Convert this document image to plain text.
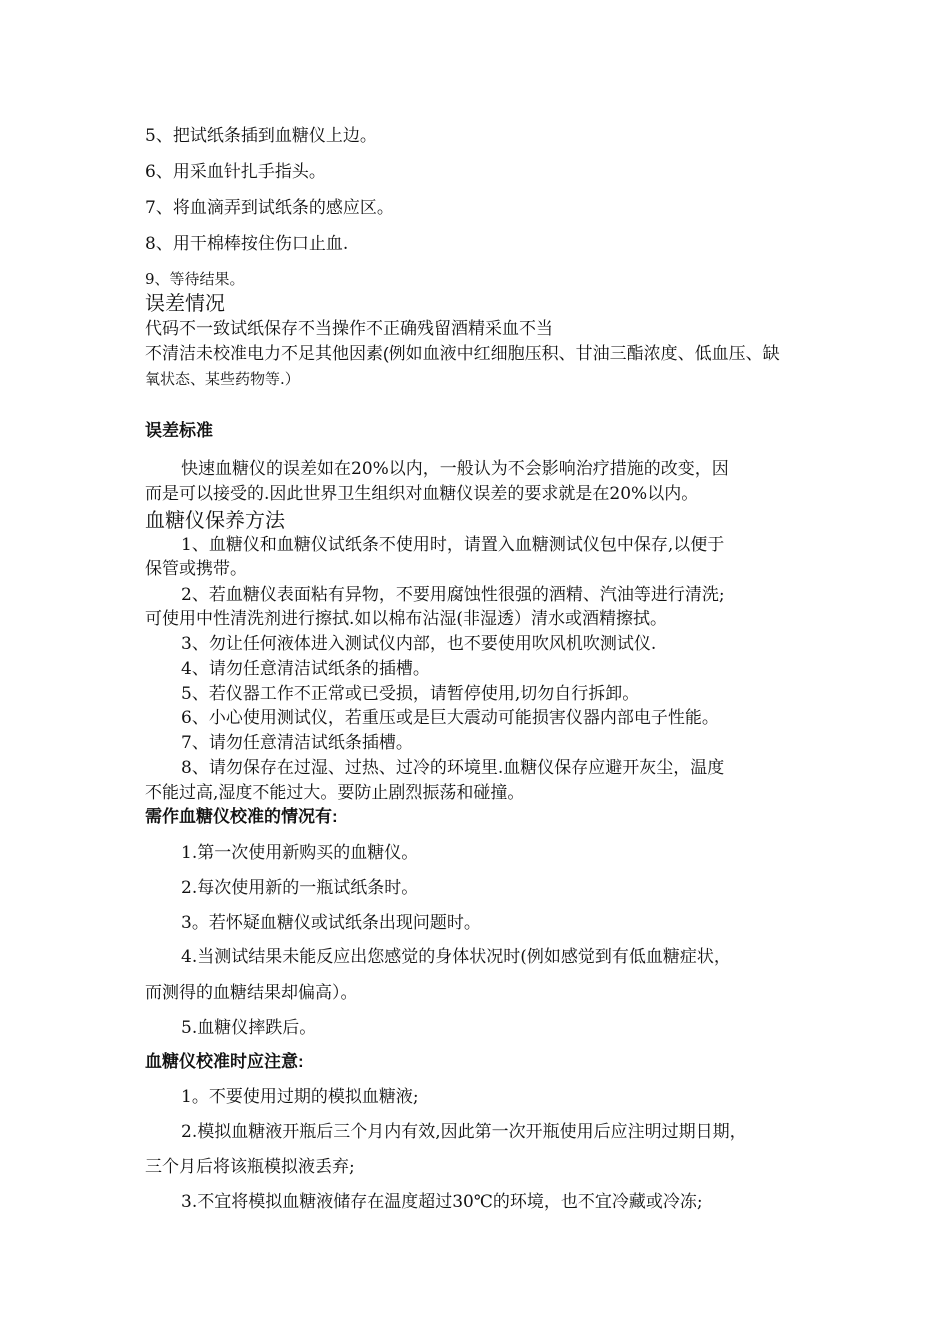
5、把试纸条插到血糖仪上边。
6、用采血针扎手指头。
7、将血滴弄到试纸条的感应区。
8、用干棉棒按住伤口止血.
9、等待结果。
误差情况
代码不一致试纸保存不当操作不正确残留酒精采血不当
不清洁未校准电力不足其他因素(例如血液中红细胞压积、甘油三酯浓度、低血压、缺
氧状态、某些药物等.）
误差标准
快速血糖仪的误差如在20%以内，一般认为不会影响治疗措施的改变，因
而是可以接受的.因此世界卫生组织对血糖仪误差的要求就是在20%以内。
血糖仪保养方法
1、血糖仪和血糖仪试纸条不使用时，请置入血糖测试仪包中保存,以便于
保管或携带。
2、若血糖仪表面粘有异物，不要用腐蚀性很强的酒精、汽油等进行清洗;
可使用中性清洗剂进行擦拭.如以棉布沾湿(非湿透）清水或酒精擦拭。
3、勿让任何液体进入测试仪内部，也不要使用吹风机吹测试仪.
4、请勿任意清洁试纸条的插槽。
5、若仪器工作不正常或已受损，请暂停使用,切勿自行拆卸。
6、小心使用测试仪，若重压或是巨大震动可能损害仪器内部电子性能。
7、请勿任意清洁试纸条插槽。
8、请勿保存在过湿、过热、过冷的环境里.血糖仪保存应避开灰尘，温度
不能过高,湿度不能过大。要防止剧烈振荡和碰撞。
需作血糖仪校准的情况有:
1.第一次使用新购买的血糖仪。
2.每次使用新的一瓶试纸条时。
3。若怀疑血糖仪或试纸条出现问题时。
4.当测试结果未能反应出您感觉的身体状况时(例如感觉到有低血糖症状，
而测得的血糖结果却偏高）。
5.血糖仪摔跌后。
血糖仪校准时应注意:
1。不要使用过期的模拟血糖液;
2.模拟血糖液开瓶后三个月内有效,因此第一次开瓶使用后应注明过期日期，
三个月后将该瓶模拟液丢弃;
3.不宜将模拟血糖液储存在温度超过30℃的环境，也不宜冷藏或冷冻;
